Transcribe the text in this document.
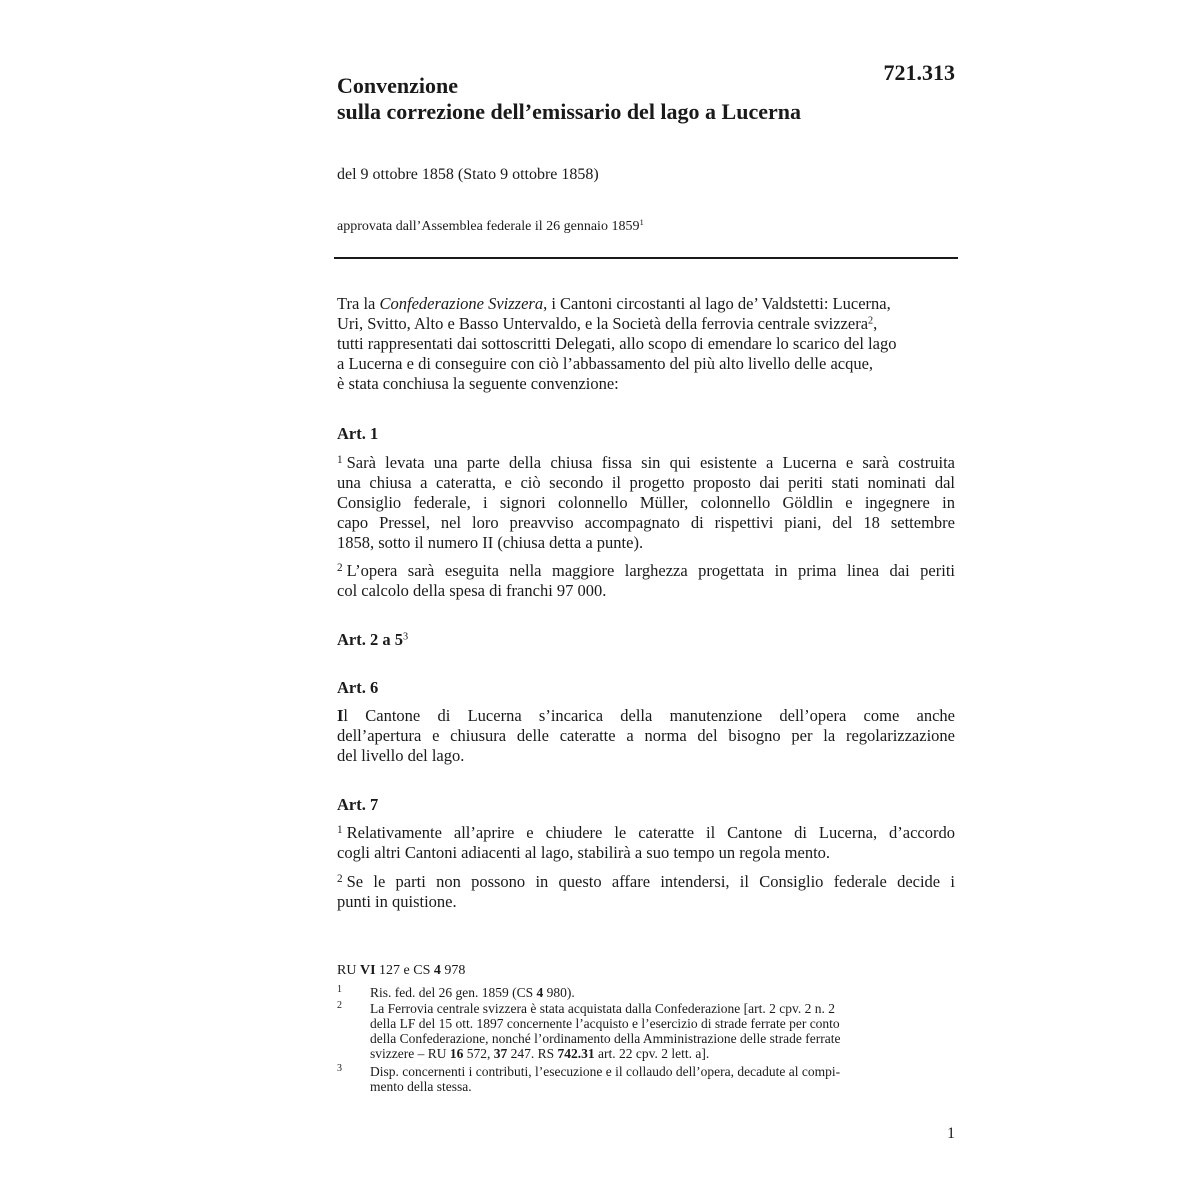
721.313
Convenzione
sulla correzione dell’emissario del lago a Lucerna
del 9 ottobre 1858 (Stato 9 ottobre 1858)
approvata dall’Assemblea federale il 26 gennaio 1859$^1$
Tra la Confederazione Svizzera, i Cantoni circostanti al lago de’ Valdstetti: Lucerna,
Uri, Svitto, Alto e Basso Untervaldo, e la Società della ferrovia centrale svizzera$^2$,
tutti rappresentati dai sottoscritti Delegati, allo scopo di emendare lo scarico del lago
a Lucerna e di conseguire con ciò l’abbassamento del più alto livello delle acque,
è stata conchiusa la seguente convenzione:
Art. 1
$^1$ Sarà levata una parte della chiusa fissa sin qui esistente a Lucerna e sarà costruita
una chiusa a cateratta, e ciò secondo il progetto proposto dai periti stati nominati dal
Consiglio federale, i signori colonnello Müller, colonnello Göldlin e ingegnere in
capo Pressel, nel loro preavviso accompagnato di rispettivi piani, del 18 settembre
1858, sotto il numero II (chiusa detta a punte).
$^2$ L’opera sarà eseguita nella maggiore larghezza progettata in prima linea dai periti
col calcolo della spesa di franchi 97 000.
Art. 2 a $5^3$
Art. 6
Il Cantone di Lucerna s’incarica della manutenzione dell’opera come anche
dell’apertura e chiusura delle cateratte a norma del bisogno per la regolarizzazione
del livello del lago.
Art. 7
$^1$ Relativamente all’aprire e chiudere le cateratte il Cantone di Lucerna, d’accordo
cogli altri Cantoni adiacenti al lago, stabilirà a suo tempo un regola mento.
$^2$ Se le parti non possono in questo affare intendersi, il Consiglio federale decide i
punti in quistione.
RU VI 127 e CS 4 978
1 Ris. fed. del 26 gen. 1859 (CS 4 980).
2 La Ferrovia centrale svizzera è stata acquistata dalla Confederazione [art. 2 cpv. 2 n. 2
della LF del 15 ott. 1897 concernente l’acquisto e l’esercizio di strade ferrate per conto
della Confederazione, nonché l’ordinamento della Amministrazione delle strade ferrate
svizzere – RU 16 572, 37 247. RS 742.31 art. 22 cpv. 2 lett. a].
3 Disp. concernenti i contributi, l’esecuzione e il collaudo dell’opera, decadute al compi-
mento della stessa.
1
